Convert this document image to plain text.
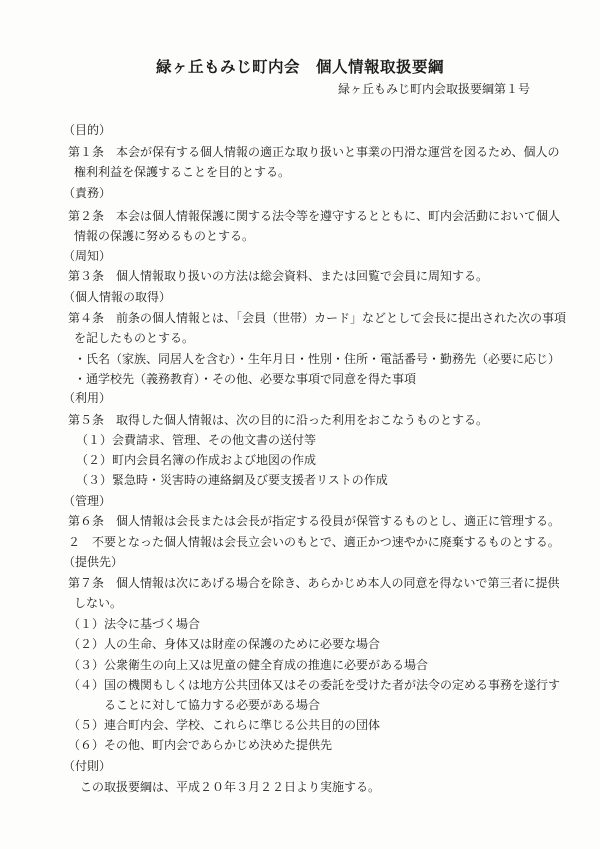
緑ヶ丘もみじ町内会　個人情報取扱要綱
緑ヶ丘もみじ町内会取扱要綱第１号
（目的）
第１条　本会が保有する個人情報の適正な取り扱いと事業の円滑な運営を図るため、個人の
権利利益を保護することを目的とする。
（責務）
第２条　本会は個人情報保護に関する法令等を遵守するとともに、町内会活動において個人
情報の保護に努めるものとする。
（周知）
第３条　個人情報取り扱いの方法は総会資料、または回覧で会員に周知する。
（個人情報の取得）
第４条　前条の個人情報とは、「会員（世帯）カード」などとして会長に提出された次の事項
を記したものとする。
・氏名（家族、同居人を含む）・生年月日・性別・住所・電話番号・勤務先（必要に応じ）
・通学校先（義務教育）・その他、必要な事項で同意を得た事項
（利用）
第５条　取得した個人情報は、次の目的に沿った利用をおこなうものとする。
（１）会費請求、管理、その他文書の送付等
（２）町内会員名簿の作成および地図の作成
（３）緊急時・災害時の連絡網及び要支援者リストの作成
（管理）
第６条　個人情報は会長または会長が指定する役員が保管するものとし、適正に管理する。
２　不要となった個人情報は会長立会いのもとで、適正かつ速やかに廃棄するものとする。
（提供先）
第７条　個人情報は次にあげる場合を除き、あらかじめ本人の同意を得ないで第三者に提供
しない。
（１）法令に基づく場合
（２）人の生命、身体又は財産の保護のために必要な場合
（３）公衆衛生の向上又は児童の健全育成の推進に必要がある場合
（４）国の機関もしくは地方公共団体又はその委託を受けた者が法令の定める事務を遂行す
ることに対して協力する必要がある場合
（５）連合町内会、学校、これらに準じる公共目的の団体
（６）その他、町内会であらかじめ決めた提供先
（付則）
この取扱要綱は、平成２０年３月２２日より実施する。
